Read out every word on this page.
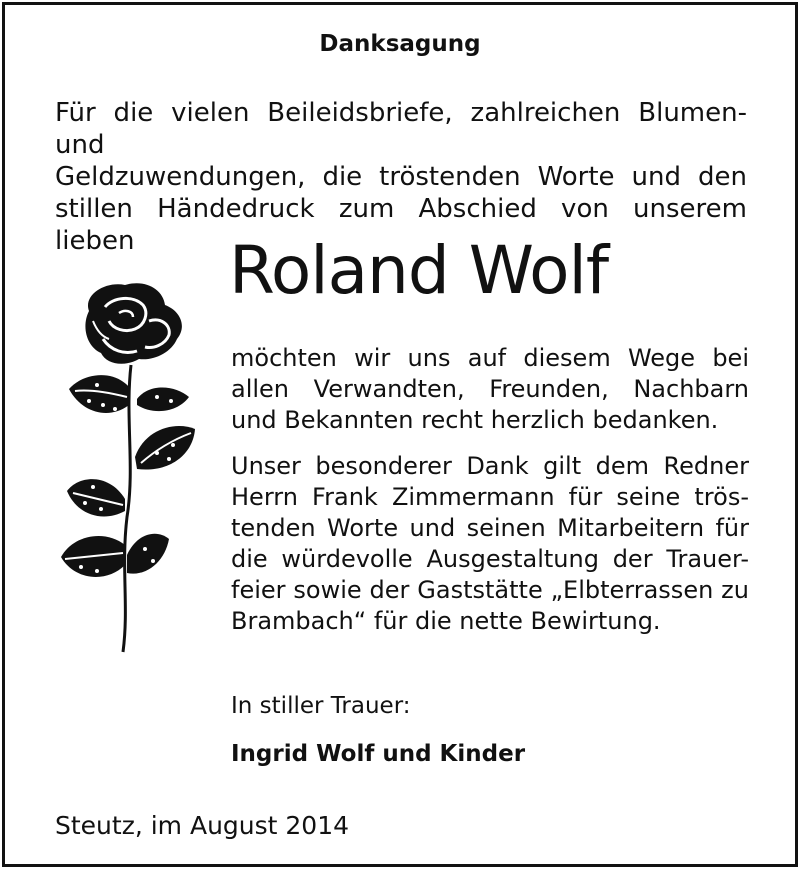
Danksagung
Für die vielen Beileidsbriefe, zahlreichen Blumen- und
Geldzuwendungen, die tröstenden Worte und den
stillen Händedruck zum Abschied von unserem lieben	Roland Wolf
möchten wir uns auf diesem Wege bei
allen Verwandten, Freunden, Nachbarn
und Bekannten recht herzlich bedanken.
Unser besonderer Dank gilt dem Redner
Herrn Frank Zimmermann für seine trös-
tenden Worte und seinen Mitarbeitern für
die würdevolle Ausgestaltung der Trauer-
feier sowie der Gaststätte „Elbterrassen zu
Brambach“ für die nette Bewirtung.
In stiller Trauer:
Ingrid Wolf und Kinder
Steutz, im August 2014
